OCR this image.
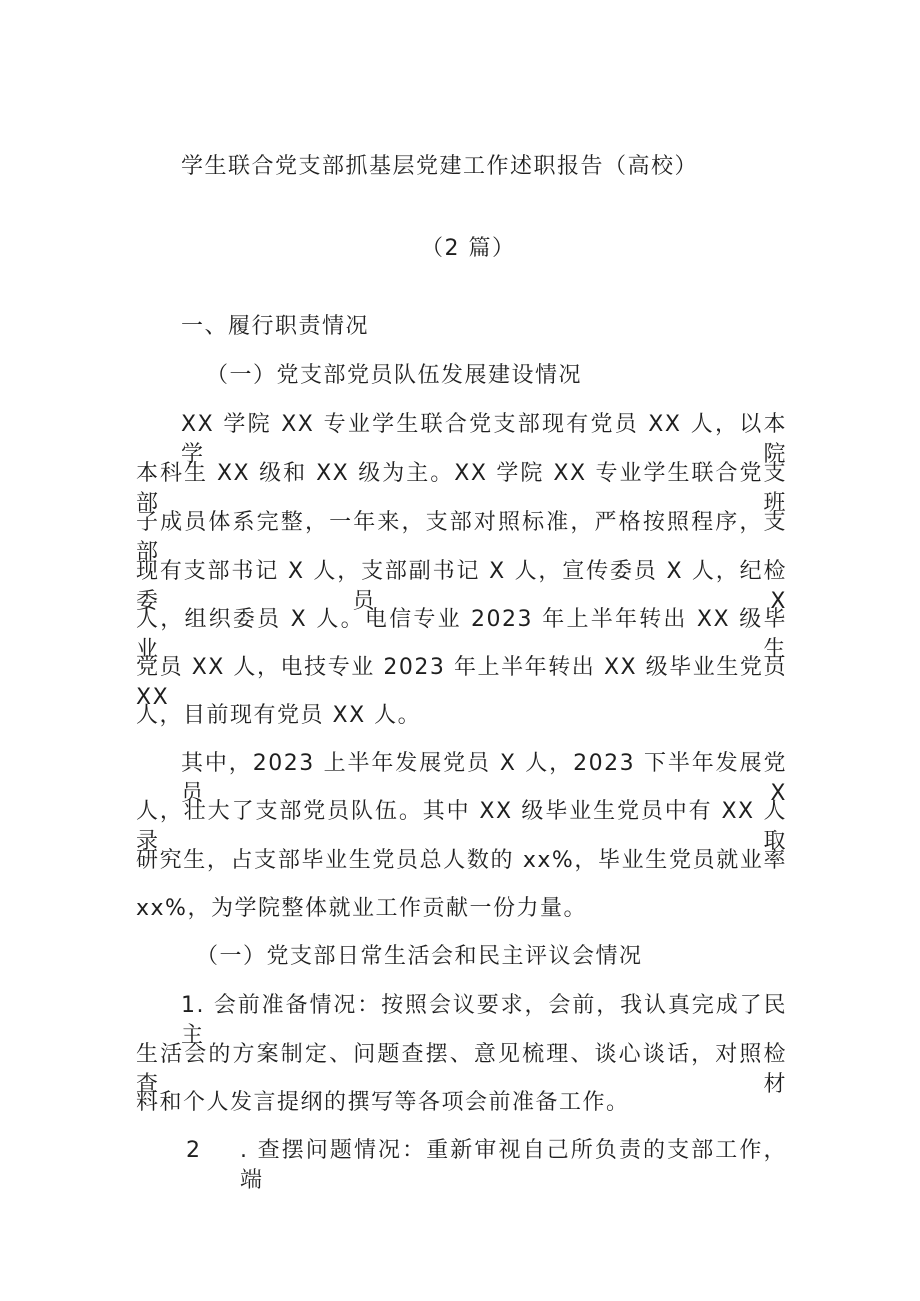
学生联合党支部抓基层党建工作述职报告（高校）
（2 篇）
一、履行职责情况
（一）党支部党员队伍发展建设情况
XX 学院 XX 专业学生联合党支部现有党员 XX 人，以本学院
本科生 XX 级和 XX 级为主。XX 学院 XX 专业学生联合党支部班
子成员体系完整，一年来，支部对照标准，严格按照程序，支部
现有支部书记 X 人，支部副书记 X 人，宣传委员 X 人，纪检委员 X
人，组织委员 X 人。电信专业 2023 年上半年转出 XX 级毕业生
党员 XX 人，电技专业 2023 年上半年转出 XX 级毕业生党员 XX
人，目前现有党员 XX 人。
其中，2023 上半年发展党员 X 人，2023 下半年发展党员 X
人，壮大了支部党员队伍。其中 XX 级毕业生党员中有 XX 人录取
研究生，占支部毕业生党员总人数的 xx%，毕业生党员就业率
xx%，为学院整体就业工作贡献一份力量。
（一）党支部日常生活会和民主评议会情况
1. 会前准备情况：按照会议要求，会前，我认真完成了民主
生活会的方案制定、问题查摆、意见梳理、谈心谈话，对照检查材
料和个人发言提纲的撰写等各项会前准备工作。
2 . 查摆问题情况：重新审视自己所负责的支部工作，端
